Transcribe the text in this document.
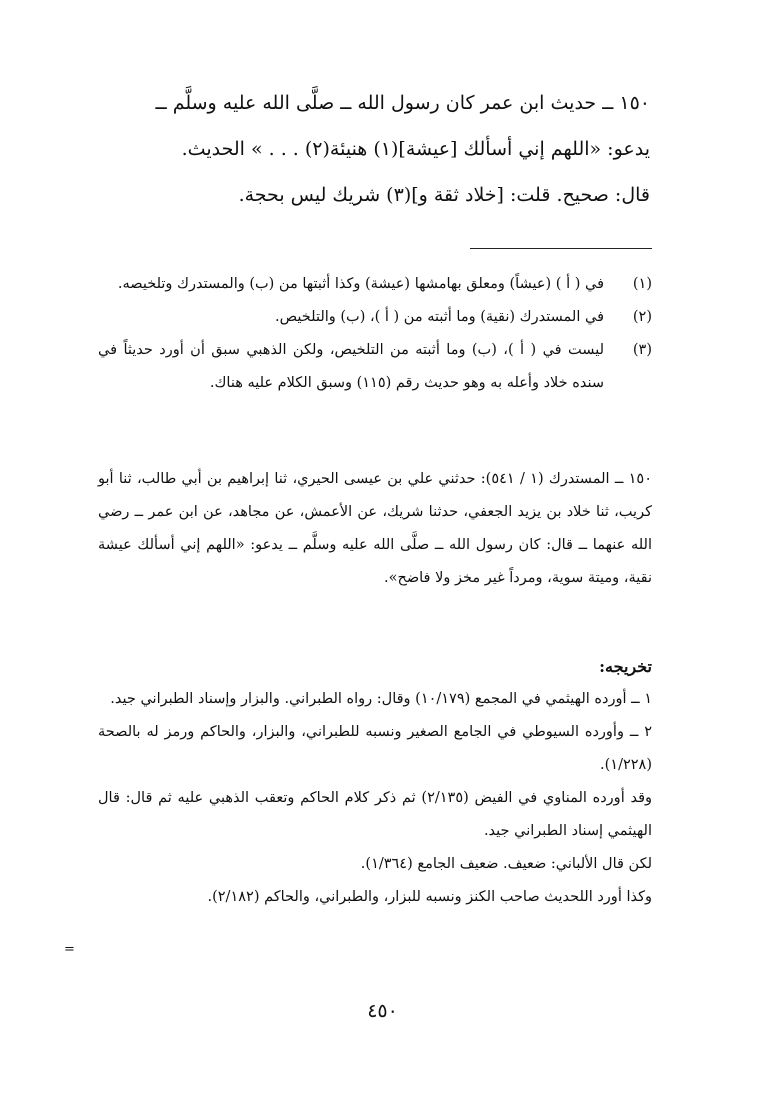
١٥٠ ــ حديث ابن عمر كان رسول الله ــ صلَّى الله عليه وسلَّم ــ

يدعو: «اللهم إني أسألك [عيشة](١) هنيئة(٢) . . . » الحديث.

قال: صحيح. قلت: [خلاد ثقة و](٣) شريك ليس بحجة.

(١)

في ( أ ) (عيشاً) ومعلق بهامشها (عيشة) وكذا أثبتها من (ب) والمستدرك وتلخيصه.

(٢)

في المستدرك (نقية) وما أثبته من ( أ )، (ب) والتلخيص.

(٣)

ليست في ( أ )، (ب) وما أثبته من التلخيص، ولكن الذهبي سبق أن أورد حديثاً في سنده خلاد وأعله به وهو حديث رقم (١١٥) وسبق الكلام عليه هناك.

١٥٠ ــ المستدرك (١ / ٥٤١): حدثني علي بن عيسى الحيري، ثنا إبراهيم بن أبي طالب، ثنا أبو كريب، ثنا خلاد بن يزيد الجعفي، حدثنا شريك، عن الأعمش، عن مجاهد، عن ابن عمر ــ رضي الله عنهما ــ قال: كان رسول الله ــ صلَّى الله عليه وسلَّم ــ يدعو: «اللهم إني أسألك عيشة نقية، وميتة سوية، ومرداً غير مخز ولا فاضح».

تخريجه:

١ ــ أورده الهيثمي في المجمع (١٠/١٧٩) وقال: رواه الطبراني. والبزار وإسناد الطبراني جيد.

٢ ــ وأورده السيوطي في الجامع الصغير ونسبه للطبراني، والبزار، والحاكم ورمز له بالصحة (١/٢٢٨).

وقد أورده المناوي في الفيض (٢/١٣٥) ثم ذكر كلام الحاكم وتعقب الذهبي عليه ثم قال: قال الهيثمي إسناد الطبراني جيد.

لكن قال الألباني: ضعيف. ضعيف الجامع (١/٣٦٤).

وكذا أورد اللحديث صاحب الكنز ونسبه للبزار، والطبراني، والحاكم (٢/١٨٢).

=
٤٥٠
